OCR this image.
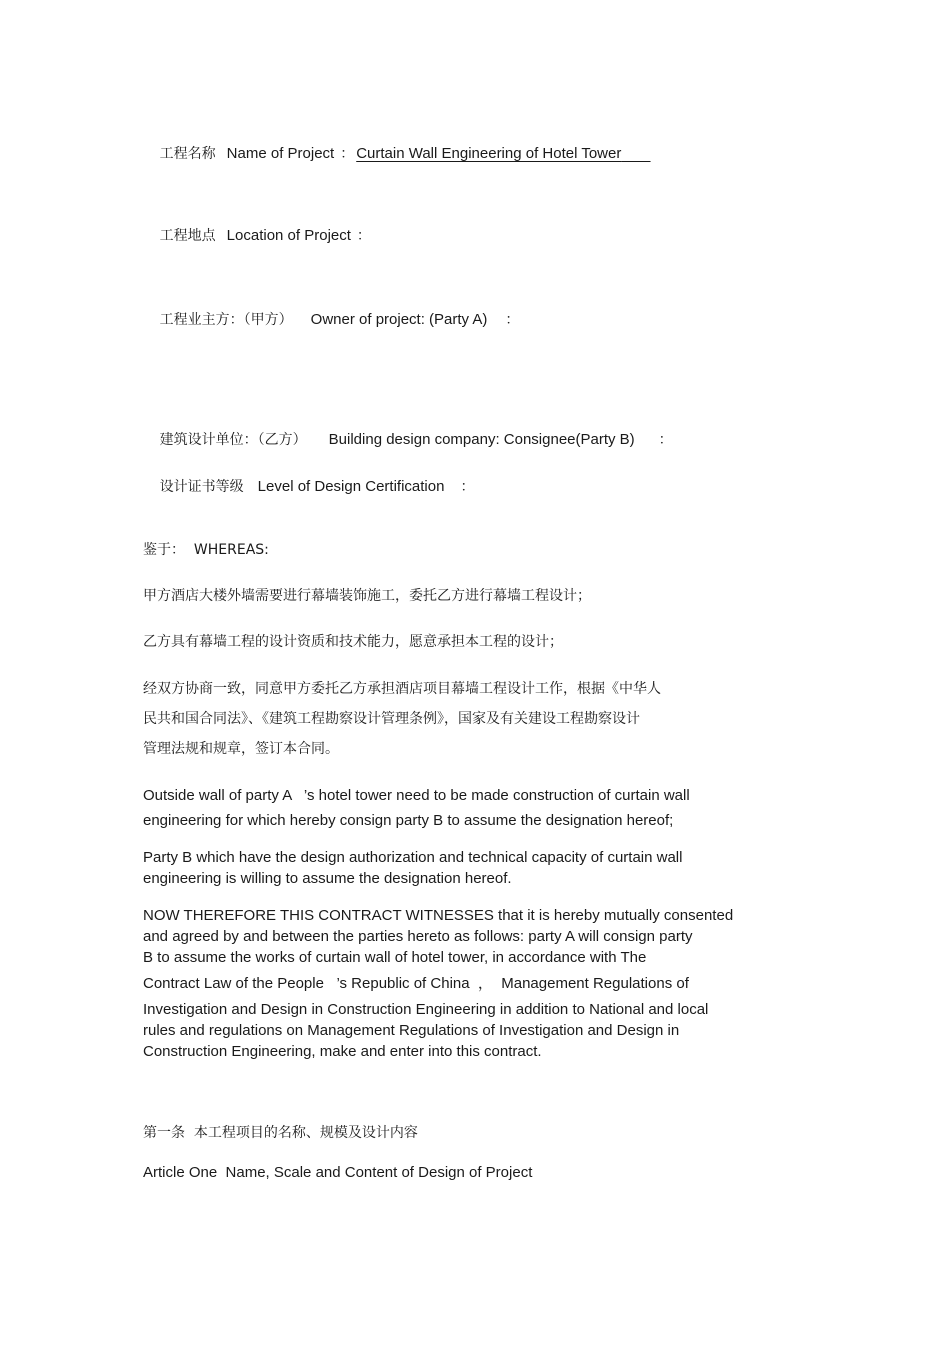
工程名称 Name of Project ： Curtain Wall Engineering of Hotel Tower

工程地点 Location of Project ：

工程业主方：（甲方） Owner of project: (Party A) ：

建筑设计单位：（乙方） Building design company: Consignee(Party B) ：

设计证书等级 Level of Design Certification ：

鉴于：  WHEREAS:
甲方酒店大楼外墙需要进行幕墙装饰施工，委托乙方进行幕墙工程设计；
乙方具有幕墙工程的设计资质和技术能力，愿意承担本工程的设计；
经双方协商一致，同意甲方委托乙方承担酒店项目幕墙工程设计工作，根据《中华人
民共和国合同法》、《建筑工程勘察设计管理条例》，国家及有关建设工程勘察设计
管理法规和规章，签订本合同。
Outside wall of party A   ’s hotel tower need to be made construction of curtain wall
engineering for which hereby consign party B to assume the designation hereof;
Party B which have the design authorization and technical capacity of curtain wall
engineering is willing to assume the designation hereof.
NOW THEREFORE THIS CONTRACT WITNESSES that it is hereby mutually consented
and agreed by and between the parties hereto as follows: party A will consign party
B to assume the works of curtain wall of hotel tower, in accordance with The
Contract Law of the People   ’s Republic of China  ，  Management Regulations of
Investigation and Design in Construction Engineering in addition to National and local
rules and regulations on Management Regulations of Investigation and Design in
Construction Engineering, make and enter into this contract.
第一条  本工程项目的名称、规模及设计内容
Article One  Name, Scale and Content of Design of Project
